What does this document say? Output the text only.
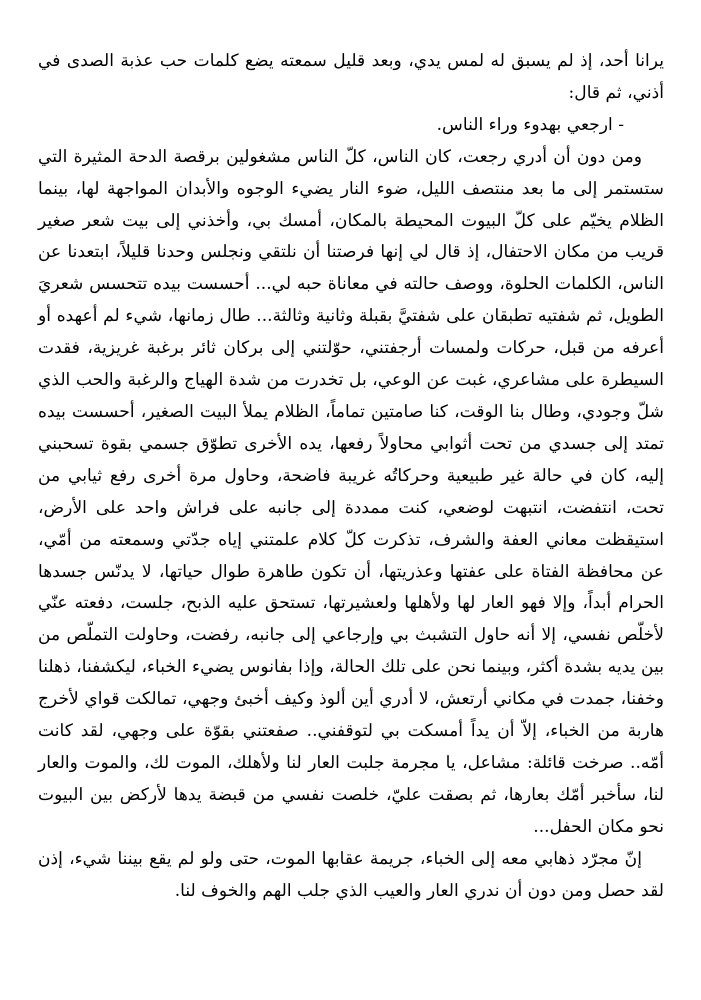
يرانا أحد، إذ لم يسبق له لمس يدي، وبعد قليل سمعته يضع كلمات حب عذبة الصدى في أذني، ثم قال:

- ارجعي بهدوء وراء الناس.

ومن دون أن أدري رجعت، كان الناس، كلّ الناس مشغولين برقصة الدحة المثيرة التي ستستمر إلى ما بعد منتصف الليل، ضوء النار يضيء الوجوه والأبدان المواجهة لها، بينما الظلام يخيّم على كلّ البيوت المحيطة بالمكان، أمسك بي، وأخذني إلى بيت شعر صغير قريب من مكان الاحتفال، إذ قال لي إنها فرصتنا أن نلتقي ونجلس وحدنا قليلاً، ابتعدنا عن الناس، الكلمات الحلوة، ووصف حالته في معاناة حبه لي... أحسست بيده تتحسس شعريَ الطويل، ثم شفتيه تطبقان على شفتيَّ بقبلة وثانية وثالثة... طال زمانها، شيء لم أعهده أو أعرفه من قبل، حركات ولمسات أرجفتني، حوّلتني إلى بركان ثائر برغبة غريزية، فقدت السيطرة على مشاعري، غبت عن الوعي، بل تخدرت من شدة الهياج والرغبة والحب الذي شلّ وجودي، وطال بنا الوقت، كنا صامتين تماماً، الظلام يملأ البيت الصغير، أحسست بيده تمتد إلى جسدي من تحت أثوابي محاولاً رفعها، يده الأخرى تطوّق جسمي بقوة تسحبني إليه، كان في حالة غير طبيعية وحركاتُه غريبة فاضحة، وحاول مرة أخرى رفع ثيابي من تحت، انتفضت، انتبهت لوضعي، كنت ممددة إلى جانبه على فراش واحد على الأرض، استيقظت معاني العفة والشرف، تذكرت كلّ كلام علمتني إياه جدّتي وسمعته من أمّي، عن محافظة الفتاة على عفتها وعذريتها، أن تكون طاهرة طوال حياتها، لا يدنّس جسدها الحرام أبداً، وإلا فهو العار لها ولأهلها ولعشيرتها، تستحق عليه الذبح، جلست، دفعته عنّي لأخلّص نفسي، إلا أنه حاول التشبث بي وإرجاعي إلى جانبه، رفضت، وحاولت التملّص من بين يديه بشدة أكثر، وبينما نحن على تلك الحالة، وإذا بفانوس يضيء الخباء، ليكشفنا، ذهلنا وخفنا، جمدت في مكاني أرتعش، لا أدري أين ألوذ وكيف أخبئ وجهي، تمالكت قواي لأخرج هاربة من الخباء، إلاّ أن يداً أمسكت بي لتوقفني.. صفعتني بقوّة على وجهي، لقد كانت أمّه.. صرخت قائلة: مشاعل، يا مجرمة جلبت العار لنا ولأهلك، الموت لك، والموت والعار لنا، سأخبر أمّك بعارها، ثم بصقت عليّ، خلصت نفسي من قبضة يدها لأركض بين البيوت نحو مكان الحفل...

إنّ مجرّد ذهابي معه إلى الخباء، جريمة عقابها الموت، حتى ولو لم يقع بيننا شيء، إذن لقد حصل ومن دون أن ندري العار والعيب الذي جلب الهم والخوف لنا.
